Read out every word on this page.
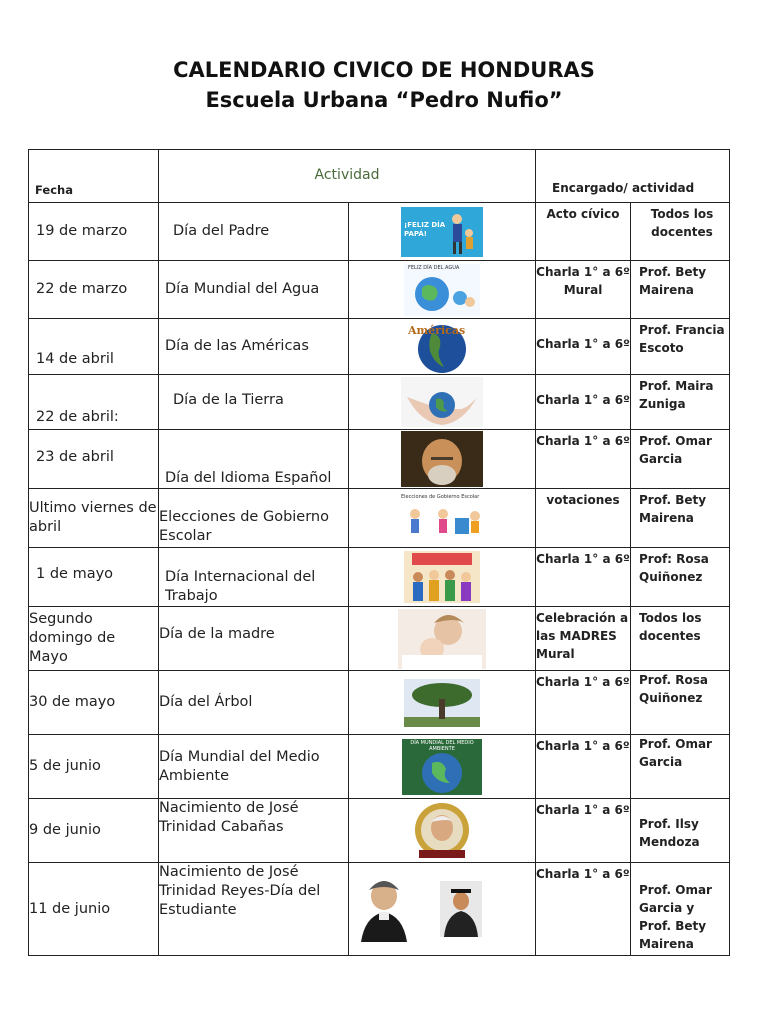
CALENDARIO CIVICO DE HONDURAS
Escuela Urbana “Pedro Nufio”
Fecha	Actividad		Encargado/ actividad	
19 de marzo	Día del Padre	¡FELIZ DÍA PAPÁ!	Acto cívico	Todos los docentes
22 de marzo	Día Mundial del Agua	FELIZ DÍA DEL AGUA	Charla 1° a 6º Mural	Prof. Bety Mairena
14 de abril	Día de las Américas	Américas	Charla 1° a 6º	Prof. Francia Escoto
22 de abril:	Día de la Tierra		Charla 1° a 6º	Prof. Maira Zuniga
23 de abril	Día del Idioma Español		Charla 1° a 6º	Prof. Omar Garcia
Ultimo viernes de abril	Elecciones de Gobierno Escolar	Elecciones de Gobierno Escolar	votaciones	Prof. Bety Mairena
1 de mayo	Día Internacional del Trabajo		Charla 1° a 6º	Prof: Rosa Quiñonez
Segundo domingo de Mayo	Día de la madre		Celebración a las MADRES Mural	Todos los docentes
30 de mayo	Día del Árbol		Charla 1° a 6º	Prof. Rosa Quiñonez
5 de junio	Día Mundial del Medio Ambiente	DÍA MUNDIAL DEL MEDIO AMBIENTE	Charla 1° a 6º	Prof. Omar Garcia
9 de junio	Nacimiento de José Trinidad Cabañas		Charla 1° a 6º	Prof. Ilsy Mendoza
11 de junio	Nacimiento de José Trinidad Reyes-Día del Estudiante		Charla 1° a 6º	Prof. Omar Garcia y Prof. Bety Mairena
